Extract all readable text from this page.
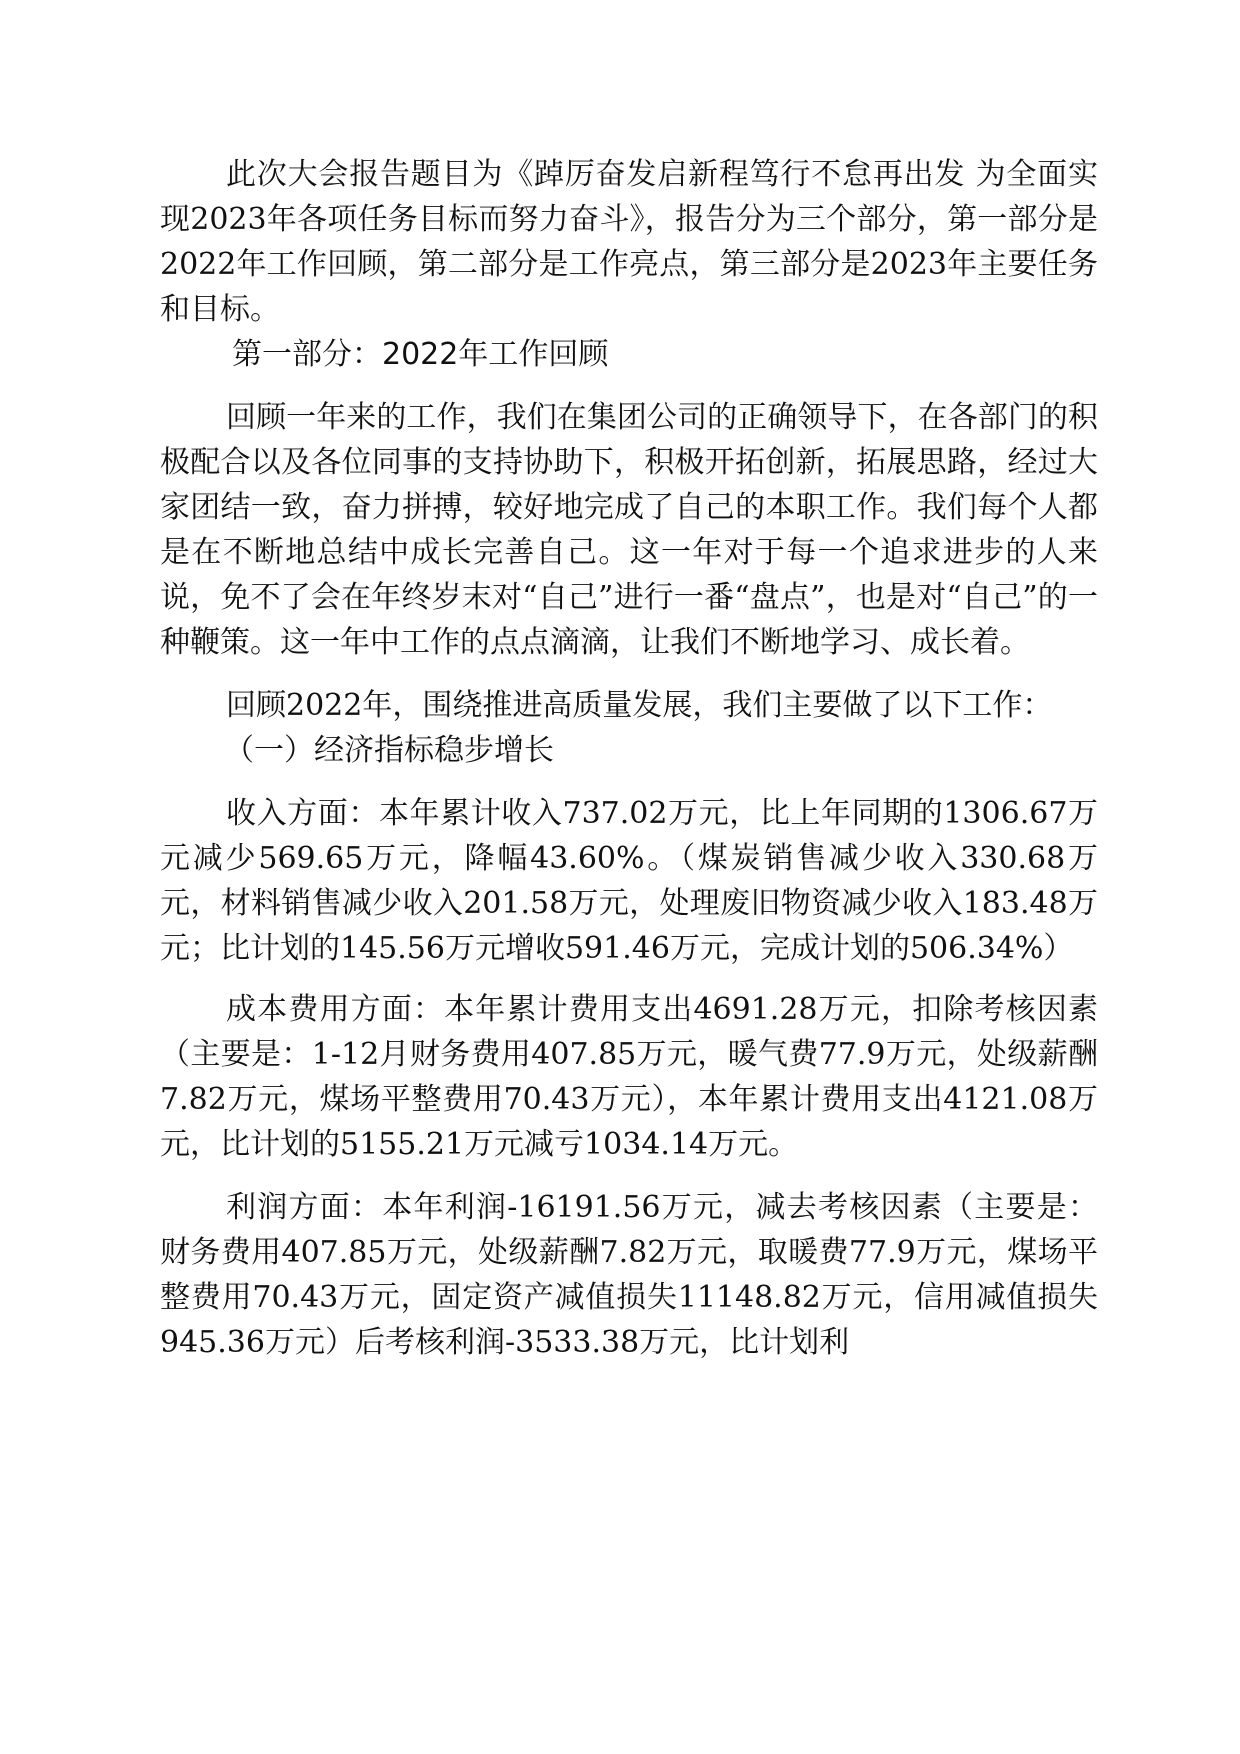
此次大会报告题目为《踔厉奋发启新程笃行不怠再出发 为全面实现2023年各项任务目标而努力奋斗》，报告分为三个部分，第一部分是2022年工作回顾，第二部分是工作亮点，第三部分是2023年主要任务和目标。

第一部分：2022年工作回顾

回顾一年来的工作，我们在集团公司的正确领导下，在各部门的积极配合以及各位同事的支持协助下，积极开拓创新，拓展思路，经过大家团结一致，奋力拼搏，较好地完成了自己的本职工作。我们每个人都是在不断地总结中成长完善自己。这一年对于每一个追求进步的人来说，免不了会在年终岁末对“自己”进行一番“盘点”，也是对“自己”的一种鞭策。这一年中工作的点点滴滴，让我们不断地学习、成长着。

回顾2022年，围绕推进高质量发展，我们主要做了以下工作：

（一）经济指标稳步增长

收入方面：本年累计收入737.02万元，比上年同期的1306.67万元减少569.65万元，降幅43.60%。（煤炭销售减少收入330.68万元，材料销售减少收入201.58万元，处理废旧物资减少收入183.48万元；比计划的145.56万元增收591.46万元，完成计划的506.34%）

成本费用方面：本年累计费用支出4691.28万元，扣除考核因素（主要是：1-12月财务费用407.85万元，暖气费77.9万元，处级薪酬7.82万元，煤场平整费用70.43万元），本年累计费用支出4121.08万元，比计划的5155.21万元减亏1034.14万元。

利润方面：本年利润-16191.56万元，减去考核因素（主要是：财务费用407.85万元，处级薪酬7.82万元，取暖费77.9万元，煤场平整费用70.43万元，固定资产减值损失11148.82万元，信用减值损失945.36万元）后考核利润-3533.38万元，比计划利
